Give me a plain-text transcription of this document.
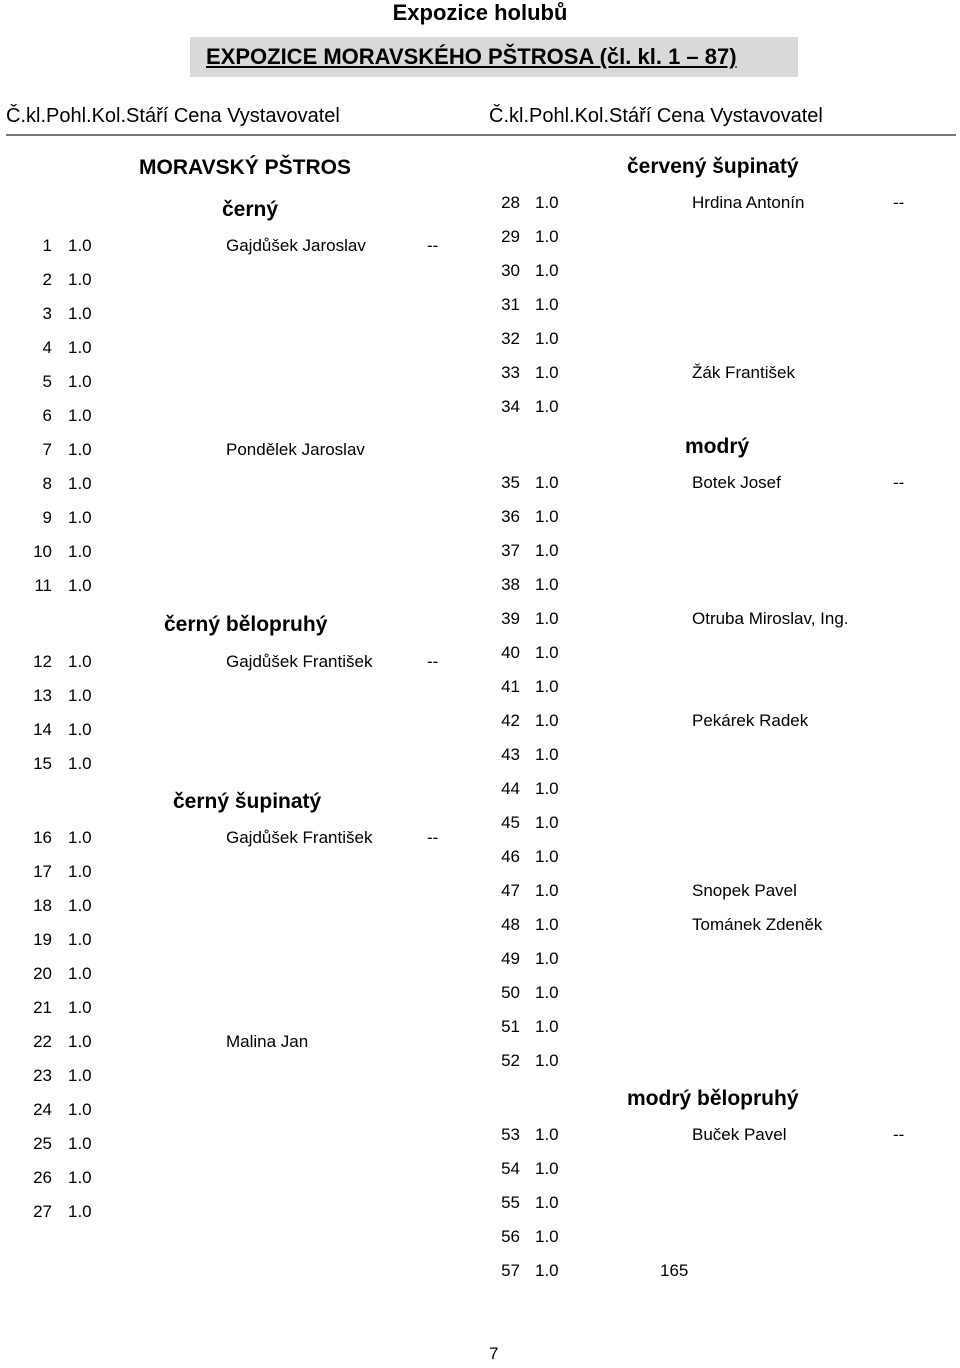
Expozice holubů
EXPOZICE MORAVSKÉHO PŠTROSA (čl. kl. 1 – 87)
Č.kl.Pohl.Kol.Stáří Cena Vystavovatel	Č.kl.Pohl.Kol.Stáří Cena Vystavovatel
MORAVSKÝ PŠTROS
černý
1 1.0	Gajdůšek Jaroslav	--
2 1.0
3 1.0
4 1.0
5 1.0
6 1.0
7 1.0	Pondělek Jaroslav
8 1.0
9 1.0
10 1.0
11 1.0
černý bělopruhý
12 1.0	Gajdůšek František	--
13 1.0
14 1.0
15 1.0
černý šupinatý
16 1.0	Gajdůšek František	--
17 1.0
18 1.0
19 1.0
20 1.0
21 1.0
22 1.0	Malina Jan
23 1.0
24 1.0
25 1.0
26 1.0
27 1.0
červený šupinatý
28 1.0	Hrdina Antonín	--
29 1.0
30 1.0
31 1.0
32 1.0
33 1.0	Žák František
34 1.0
modrý
35 1.0	Botek Josef	--
36 1.0
37 1.0
38 1.0
39 1.0	Otruba Miroslav, Ing.
40 1.0
41 1.0
42 1.0	Pekárek Radek
43 1.0
44 1.0
45 1.0
46 1.0
47 1.0	Snopek Pavel
48 1.0	Tománek Zdeněk
49 1.0
50 1.0
51 1.0
52 1.0
modrý bělopruhý
53 1.0	Buček Pavel	--
54 1.0
55 1.0
56 1.0
57 1.0	165
7
